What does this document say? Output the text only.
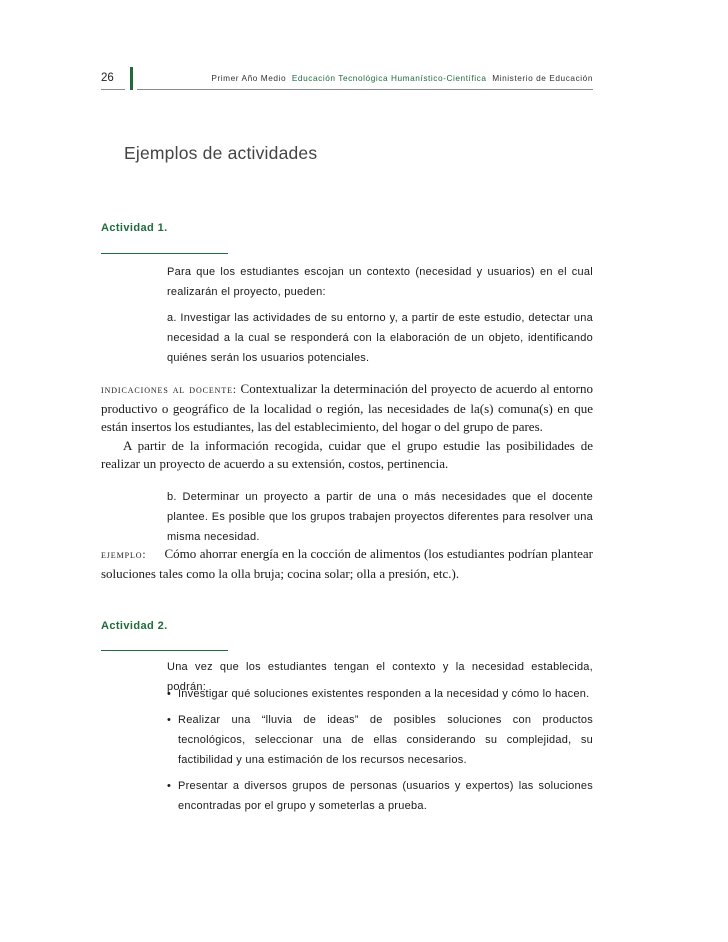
26	Primer Año Medio Educación Tecnológica Humanístico-Científica Ministerio de Educación
Ejemplos de actividades
Actividad 1.

Para que los estudiantes escojan un contexto (necesidad y usuarios) en el cual realizarán el proyecto, pueden:

a. Investigar las actividades de su entorno y, a partir de este estudio, detectar una necesidad a la cual se responderá con la elaboración de un objeto, identificando quiénes serán los usuarios potenciales.

indicaciones al docente: Contextualizar la determinación del proyecto de acuerdo al entorno productivo o geográfico de la localidad o región, las necesidades de la(s) comuna(s) en que están insertos los estudiantes, las del establecimiento, del hogar o del grupo de pares.

A partir de la información recogida, cuidar que el grupo estudie las posibilidades de realizar un proyecto de acuerdo a su extensión, costos, pertinencia.

b. Determinar un proyecto a partir de una o más necesidades que el docente plantee. Es posible que los grupos trabajen proyectos diferentes para resolver una misma necesidad.

ejemplo: Cómo ahorrar energía en la cocción de alimentos (los estudiantes podrían plantear soluciones tales como la olla bruja; cocina solar; olla a presión, etc.).

Actividad 2.
Una vez que los estudiantes tengan el contexto y la necesidad establecida, podrán:
• Investigar qué soluciones existentes responden a la necesidad y cómo lo hacen.
• Realizar una “lluvia de ideas” de posibles soluciones con productos tecnológicos, seleccionar una de ellas considerando su complejidad, su factibilidad y una estimación de los recursos necesarios.
• Presentar a diversos grupos de personas (usuarios y expertos) las soluciones encontradas por el grupo y someterlas a prueba.
